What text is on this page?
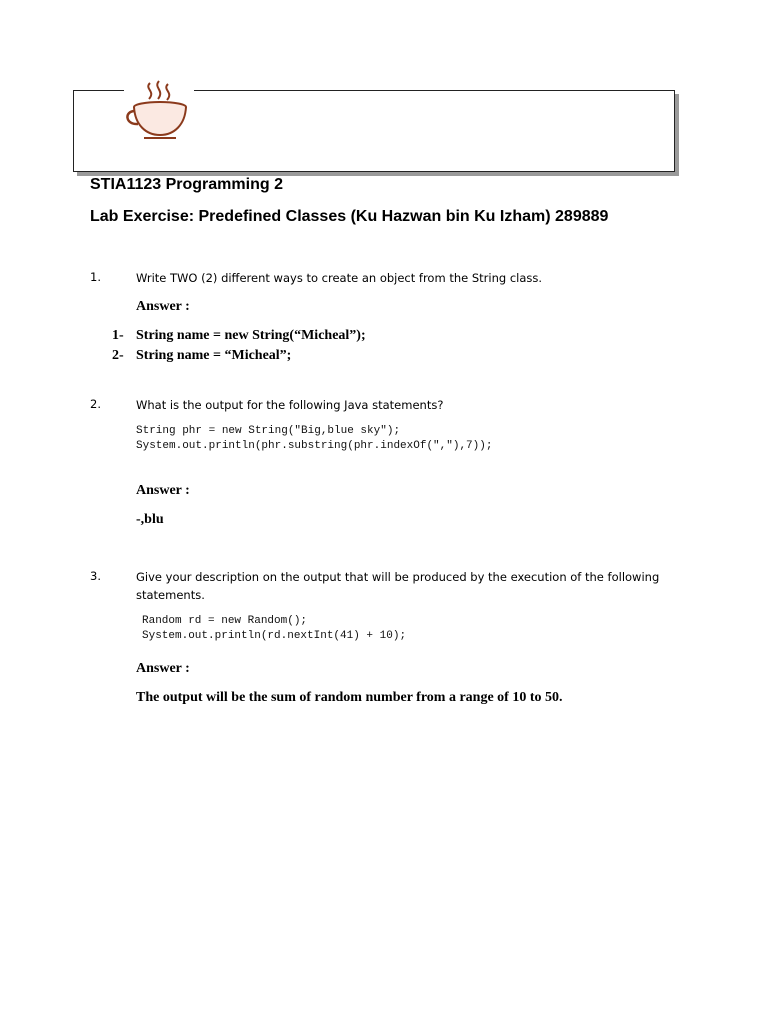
STIA1123 Programming 2
Lab Exercise: Predefined Classes (Ku Hazwan bin Ku Izham) 289889
1.	Write TWO (2) different ways to create an object from the String class.
Answer :
1- String name = new String(“Micheal”);
2- String name = “Micheal”;
2.	What is the output for the following Java statements?
String phr = new String("Big,blue sky");
System.out.println(phr.substring(phr.indexOf(","),7));
Answer :
-,blu
3.	Give your description on the output that will be produced by the execution of the following statements.
Random rd = new Random();
System.out.println(rd.nextInt(41) + 10);
Answer :
The output will be the sum of random number from a range of 10 to 50.
